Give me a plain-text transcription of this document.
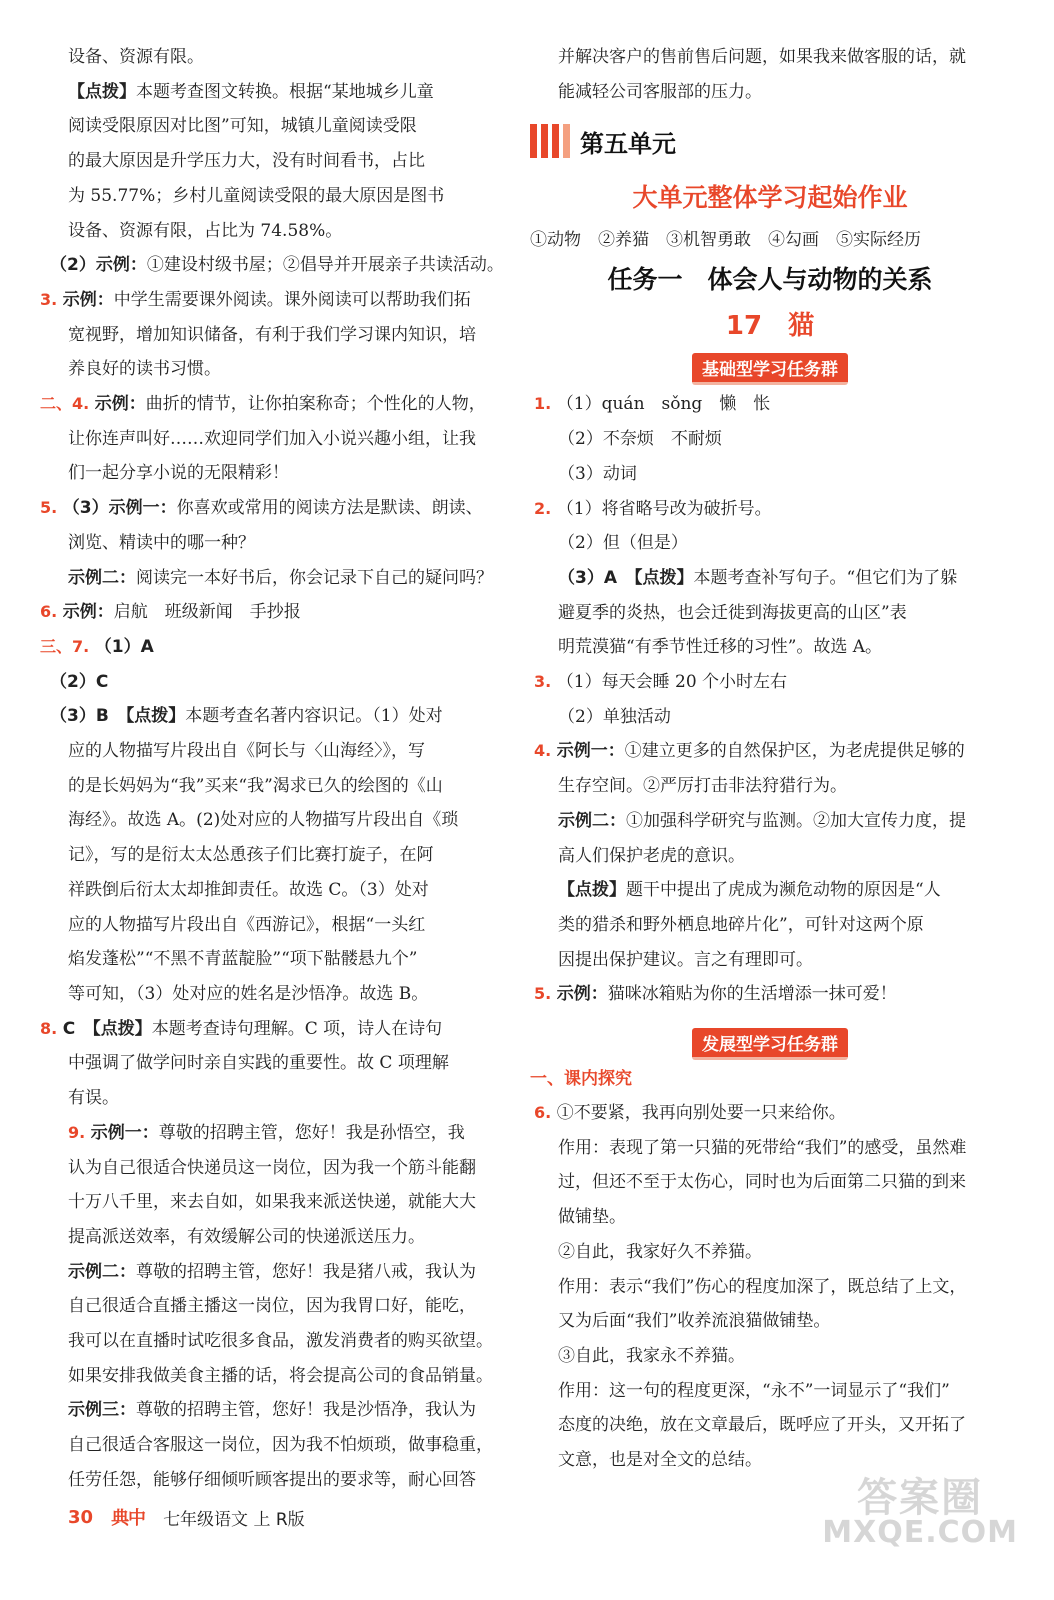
设备、资源有限。
【点拨】本题考查图文转换。根据“某地城乡儿童
阅读受限原因对比图”可知，城镇儿童阅读受限
的最大原因是升学压力大，没有时间看书，占比
为 55.77%；乡村儿童阅读受限的最大原因是图书
设备、资源有限，占比为 74.58%。
（2）示例：①建设村级书屋；②倡导并开展亲子共读活动。
3. 示例：中学生需要课外阅读。课外阅读可以帮助我们拓
宽视野，增加知识储备，有利于我们学习课内知识，培
养良好的读书习惯。
二、4. 示例：曲折的情节，让你拍案称奇；个性化的人物，
让你连声叫好……欢迎同学们加入小说兴趣小组，让我
们一起分享小说的无限精彩！
5. （3）示例一：你喜欢或常用的阅读方法是默读、朗读、
浏览、精读中的哪一种？
示例二：阅读完一本好书后，你会记录下自己的疑问吗？
6. 示例：启航　班级新闻　手抄报
三、7. （1）A
（2）C
（3）B　【点拨】本题考查名著内容识记。（1）处对
应的人物描写片段出自《阿长与〈山海经〉》，写
的是长妈妈为“我”买来“我”渴求已久的绘图的《山
海经》。故选 A。(2)处对应的人物描写片段出自《琐
记》，写的是衍太太怂恿孩子们比赛打旋子，在阿
祥跌倒后衍太太却推卸责任。故选 C。（3）处对
应的人物描写片段出自《西游记》，根据“一头红
焰发蓬松”“不黑不青蓝靛脸”“项下骷髅悬九个”
等可知，（3）处对应的姓名是沙悟净。故选 B。
8. C　【点拨】本题考查诗句理解。C 项，诗人在诗句
中强调了做学问时亲自实践的重要性。故 C 项理解
有误。
9. 示例一：尊敬的招聘主管，您好！我是孙悟空，我
认为自己很适合快递员这一岗位，因为我一个筋斗能翻
十万八千里，来去自如，如果我来派送快递，就能大大
提高派送效率，有效缓解公司的快递派送压力。
示例二：尊敬的招聘主管，您好！我是猪八戒，我认为
自己很适合直播主播这一岗位，因为我胃口好，能吃，
我可以在直播时试吃很多食品，激发消费者的购买欲望。
如果安排我做美食主播的话，将会提高公司的食品销量。
示例三：尊敬的招聘主管，您好！我是沙悟净，我认为
自己很适合客服这一岗位，因为我不怕烦琐，做事稳重，
任劳任怨，能够仔细倾听顾客提出的要求等，耐心回答
并解决客户的售前售后问题，如果我来做客服的话，就
能减轻公司客服部的压力。
第五单元
大单元整体学习起始作业
①动物　②养猫　③机智勇敢　④勾画　⑤实际经历
任务一　体会人与动物的关系
17　猫
基础型学习任务群
1. （1）quán　sǒng　懒　怅
（2）不奈烦　不耐烦
（3）动词
2. （1）将省略号改为破折号。
（2）但（但是）
（3）A　【点拨】本题考查补写句子。“但它们为了躲
避夏季的炎热，也会迁徙到海拔更高的山区”表
明荒漠猫“有季节性迁移的习性”。故选 A。
3. （1）每天会睡 20 个小时左右
（2）单独活动
4. 示例一：①建立更多的自然保护区，为老虎提供足够的
生存空间。②严厉打击非法狩猎行为。
示例二：①加强科学研究与监测。②加大宣传力度，提
高人们保护老虎的意识。
【点拨】题干中提出了虎成为濒危动物的原因是“人
类的猎杀和野外栖息地碎片化”，可针对这两个原
因提出保护建议。言之有理即可。
5. 示例：猫咪冰箱贴为你的生活增添一抹可爱！
发展型学习任务群
一、课内探究
6. ①不要紧，我再向别处要一只来给你。
作用：表现了第一只猫的死带给“我们”的感受，虽然难
过，但还不至于太伤心，同时也为后面第二只猫的到来
做铺垫。
②自此，我家好久不养猫。
作用：表示“我们”伤心的程度加深了，既总结了上文，
又为后面“我们”收养流浪猫做铺垫。
③自此，我家永不养猫。
作用：这一句的程度更深，“永不”一词显示了“我们”
态度的决绝，放在文章最后，既呼应了开头，又开拓了
文意，也是对全文的总结。
30 典中 七年级语文 上 R版	答案圈
MXQE.COM
